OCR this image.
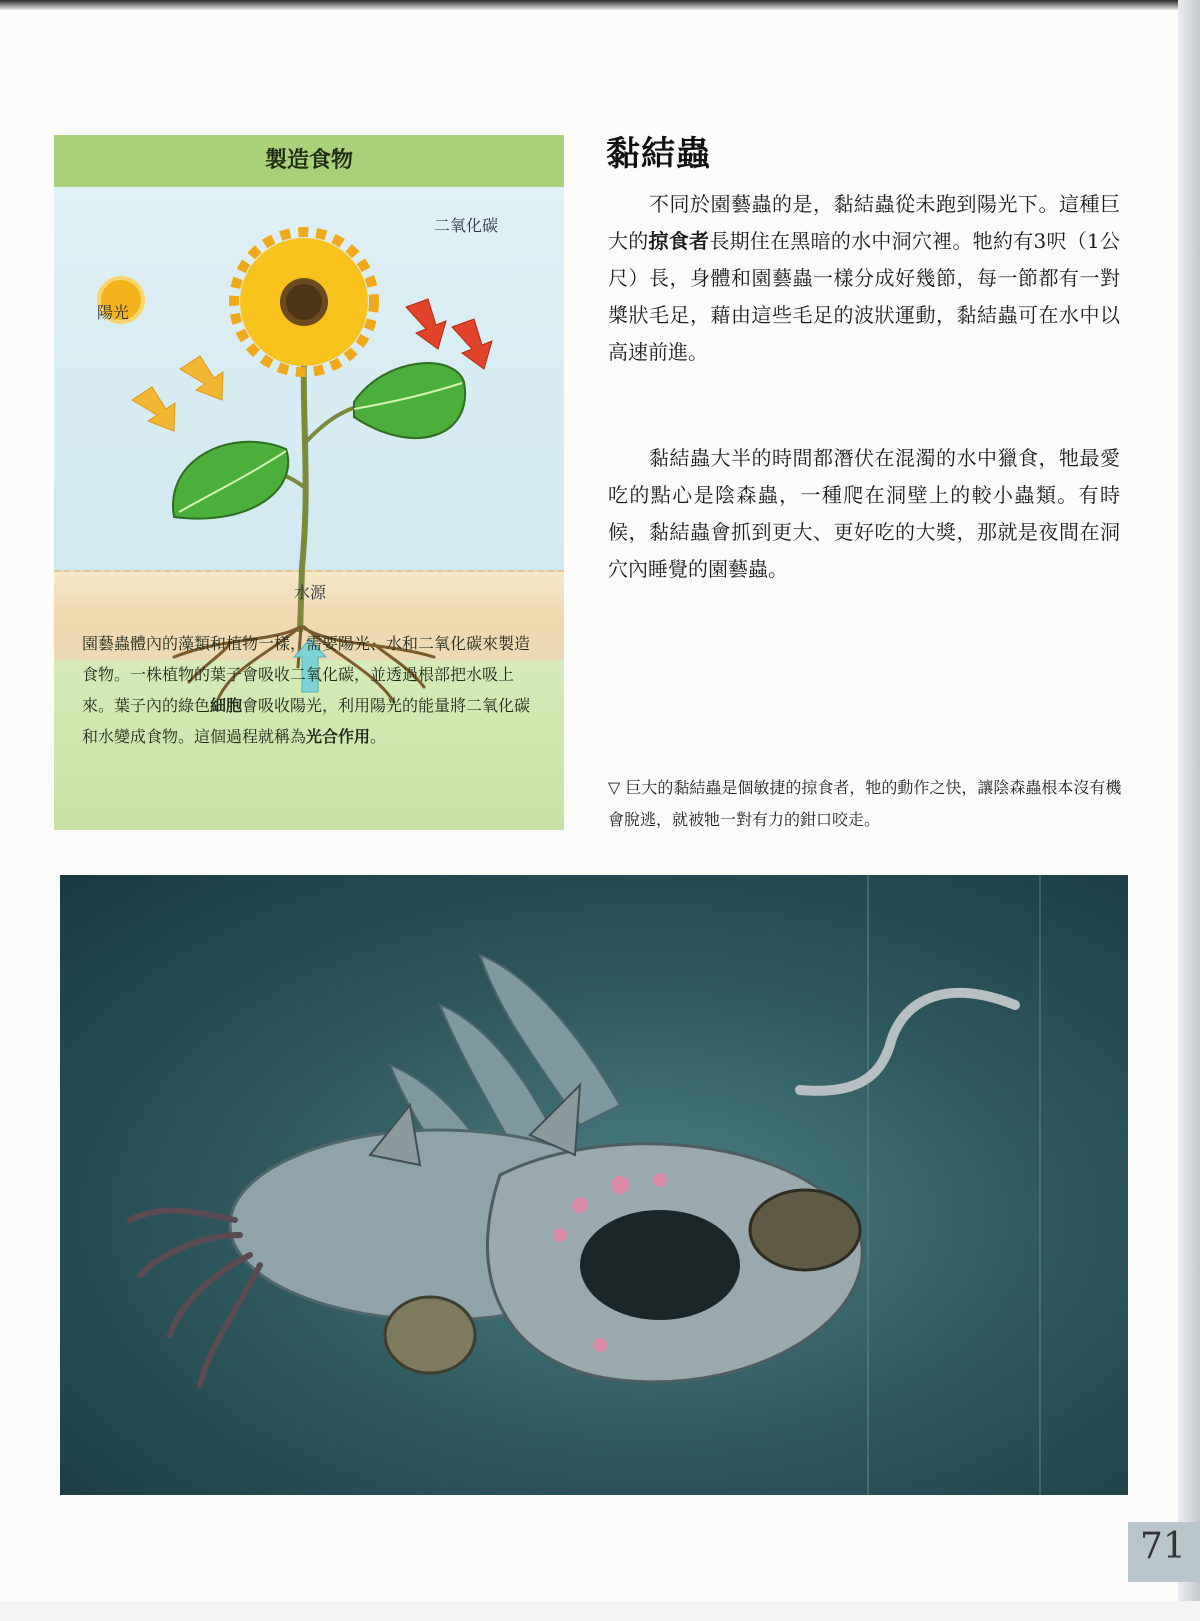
製造食物
陽光
二氧化碳
水源
園藝蟲體內的藻類和植物一樣，需要陽光、水和二氧化碳來製造食物。一株植物的葉子會吸收二氧化碳，並透過根部把水吸上來。葉子內的綠色細胞會吸收陽光，利用陽光的能量將二氧化碳和水變成食物。這個過程就稱為光合作用。
黏結蟲
　　不同於園藝蟲的是，黏結蟲從未跑到陽光下。這種巨大的掠食者長期住在黑暗的水中洞穴裡。牠約有3呎（1公尺）長，身體和園藝蟲一樣分成好幾節，每一節都有一對槳狀毛足，藉由這些毛足的波狀運動，黏結蟲可在水中以高速前進。
　　黏結蟲大半的時間都潛伏在混濁的水中獵食，牠最愛吃的點心是陰森蟲，一種爬在洞壁上的較小蟲類。有時候，黏結蟲會抓到更大、更好吃的大獎，那就是夜間在洞穴內睡覺的園藝蟲。
▽ 巨大的黏結蟲是個敏捷的掠食者，牠的動作之快，讓陰森蟲根本沒有機會脫逃，就被牠一對有力的鉗口咬走。
71
